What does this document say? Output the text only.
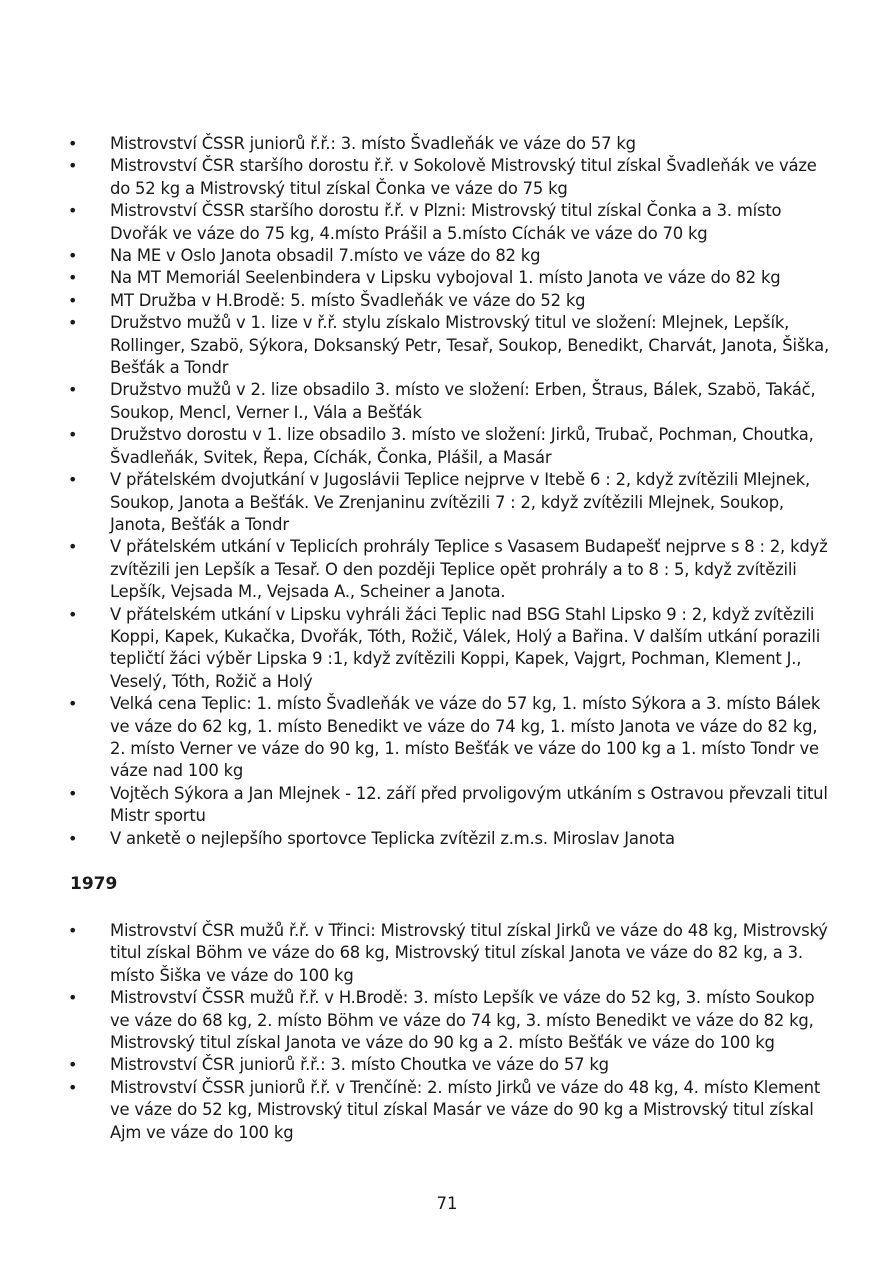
• Mistrovství ČSSR juniorů ř.ř.: 3. místo Švadleňák ve váze do 57 kg
• Mistrovství ČSR staršího dorostu ř.ř. v Sokolově Mistrovský titul získal Švadleňák ve váze do 52 kg a Mistrovský titul získal Čonka ve váze do 75 kg
• Mistrovství ČSSR staršího dorostu ř.ř. v Plzni: Mistrovský titul získal Čonka a 3. místo Dvořák ve váze do 75 kg, 4.místo Prášil a 5.místo Cíchák ve váze do 70 kg
• Na ME v Oslo Janota obsadil 7.místo ve váze do 82 kg
• Na MT Memoriál Seelenbindera v Lipsku vybojoval 1. místo Janota ve váze do 82 kg
• MT Družba v H.Brodě: 5. místo Švadleňák ve váze do 52 kg
• Družstvo mužů v 1. lize v ř.ř. stylu získalo Mistrovský titul ve složení: Mlejnek, Lepšík, Rollinger, Szabö, Sýkora, Doksanský Petr, Tesař, Soukop, Benedikt, Charvát, Janota, Šiška, Bešťák a Tondr
• Družstvo mužů v 2. lize obsadilo 3. místo ve složení: Erben, Štraus, Bálek, Szabö, Takáč, Soukop, Mencl, Verner I., Vála a Bešťák
• Družstvo dorostu v 1. lize obsadilo 3. místo ve složení: Jirků, Trubač, Pochman, Choutka, Švadleňák, Svitek, Řepa, Cíchák, Čonka, Plášil, a Masár
• V přátelském dvojutkání v Jugoslávii Teplice nejprve v Itebě 6 : 2, když zvítězili Mlejnek, Soukop, Janota a Bešťák. Ve Zrenjaninu zvítězili 7 : 2, když zvítězili Mlejnek, Soukop, Janota, Bešťák a Tondr
• V přátelském utkání v Teplicích prohrály Teplice s Vasasem Budapešť nejprve s 8 : 2, když zvítězili jen Lepšík a Tesař. O den později Teplice opět prohrály a to 8 : 5, když zvítězili Lepšík, Vejsada M., Vejsada A., Scheiner a Janota.
• V přátelském utkání v Lipsku vyhráli žáci Teplic nad BSG Stahl Lipsko 9 : 2, když zvítězili Koppi, Kapek, Kukačka, Dvořák, Tóth, Rožič, Válek, Holý a Bařina. V dalším utkání porazili tepličtí žáci výběr Lipska 9 :1, když zvítězili Koppi, Kapek, Vajgrt, Pochman, Klement J., Veselý, Tóth, Rožič a Holý
• Velká cena Teplic: 1. místo Švadleňák ve váze do 57 kg, 1. místo Sýkora a 3. místo Bálek ve váze do 62 kg, 1. místo Benedikt ve váze do 74 kg, 1. místo Janota ve váze do 82 kg, 2. místo Verner ve váze do 90 kg, 1. místo Bešťák ve váze do 100 kg a 1. místo Tondr ve váze nad 100 kg
• Vojtěch Sýkora a Jan Mlejnek - 12. září před prvoligovým utkáním s Ostravou převzali titul Mistr sportu
• V anketě o nejlepšího sportovce Teplicka zvítězil z.m.s. Miroslav Janota
1979
• Mistrovství ČSR mužů ř.ř. v Třinci: Mistrovský titul získal Jirků ve váze do 48 kg, Mistrovský titul získal Böhm ve váze do 68 kg, Mistrovský titul získal Janota ve váze do 82 kg, a 3. místo Šiška ve váze do 100 kg
• Mistrovství ČSSR mužů ř.ř. v H.Brodě: 3. místo Lepšík ve váze do 52 kg, 3. místo Soukop ve váze do 68 kg, 2. místo Böhm ve váze do 74 kg, 3. místo Benedikt ve váze do 82 kg, Mistrovský titul získal Janota ve váze do 90 kg a 2. místo Bešťák ve váze do 100 kg
• Mistrovství ČSR juniorů ř.ř.: 3. místo Choutka ve váze do 57 kg
• Mistrovství ČSSR juniorů ř.ř. v Trenčíně: 2. místo Jirků ve váze do 48 kg, 4. místo Klement ve váze do 52 kg, Mistrovský titul získal Masár ve váze do 90 kg a Mistrovský titul získal Ajm ve váze do 100 kg
71
